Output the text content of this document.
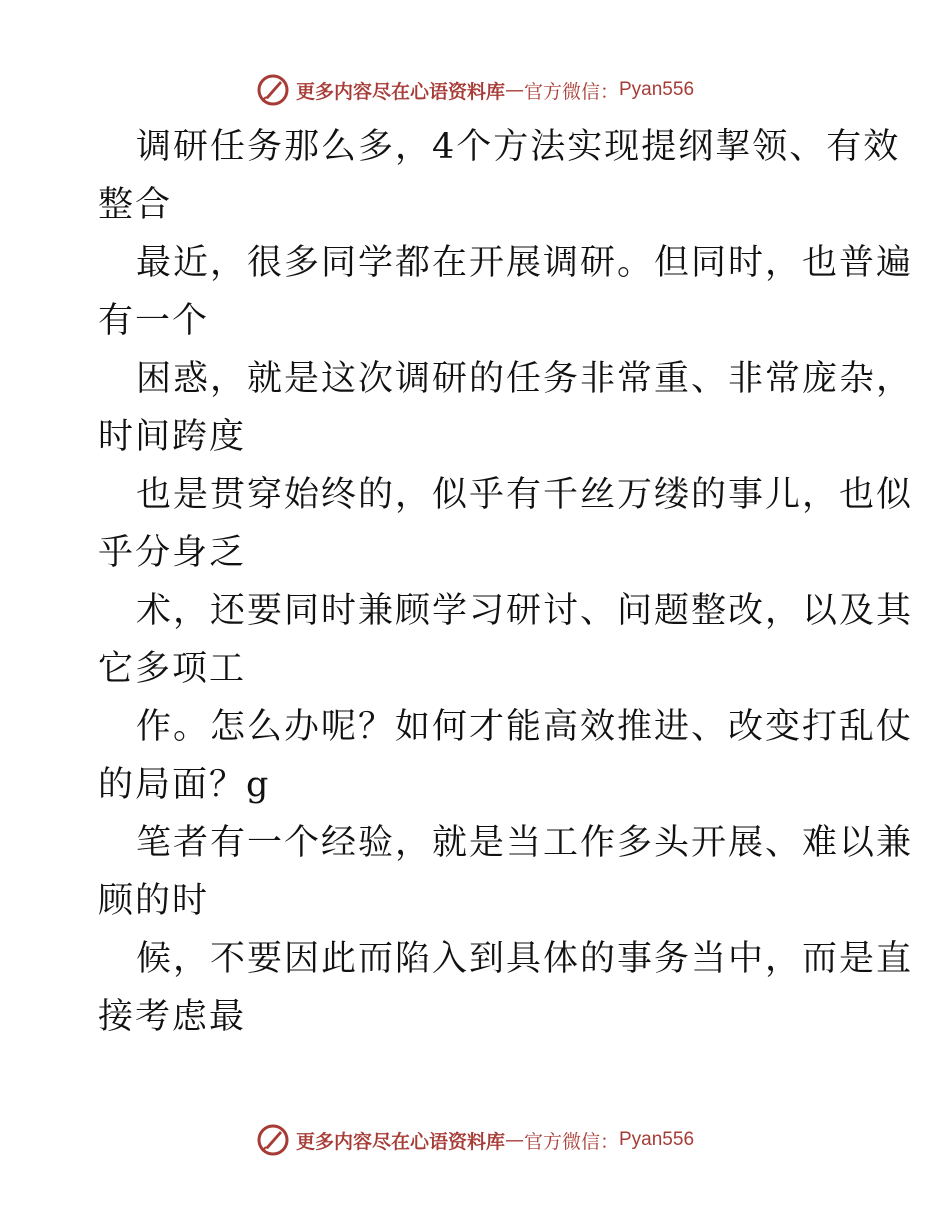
更多内容尽在心语资料库 — 官方微信： Pyan556

调研任务那么多，4个方法实现提纲挈领、有效
整合
最近，很多同学都在开展调研。但同时，也普遍
有一个
困惑，就是这次调研的任务非常重、非常庞杂，
时间跨度
也是贯穿始终的，似乎有千丝万缕的事儿，也似
乎分身乏
术，还要同时兼顾学习研讨、问题整改，以及其
它多项工
作。怎么办呢？如何才能高效推进、改变打乱仗
的局面？g
笔者有一个经验，就是当工作多头开展、难以兼
顾的时
候，不要因此而陷入到具体的事务当中，而是直
接考虑最

更多内容尽在心语资料库 — 官方微信： Pyan556
